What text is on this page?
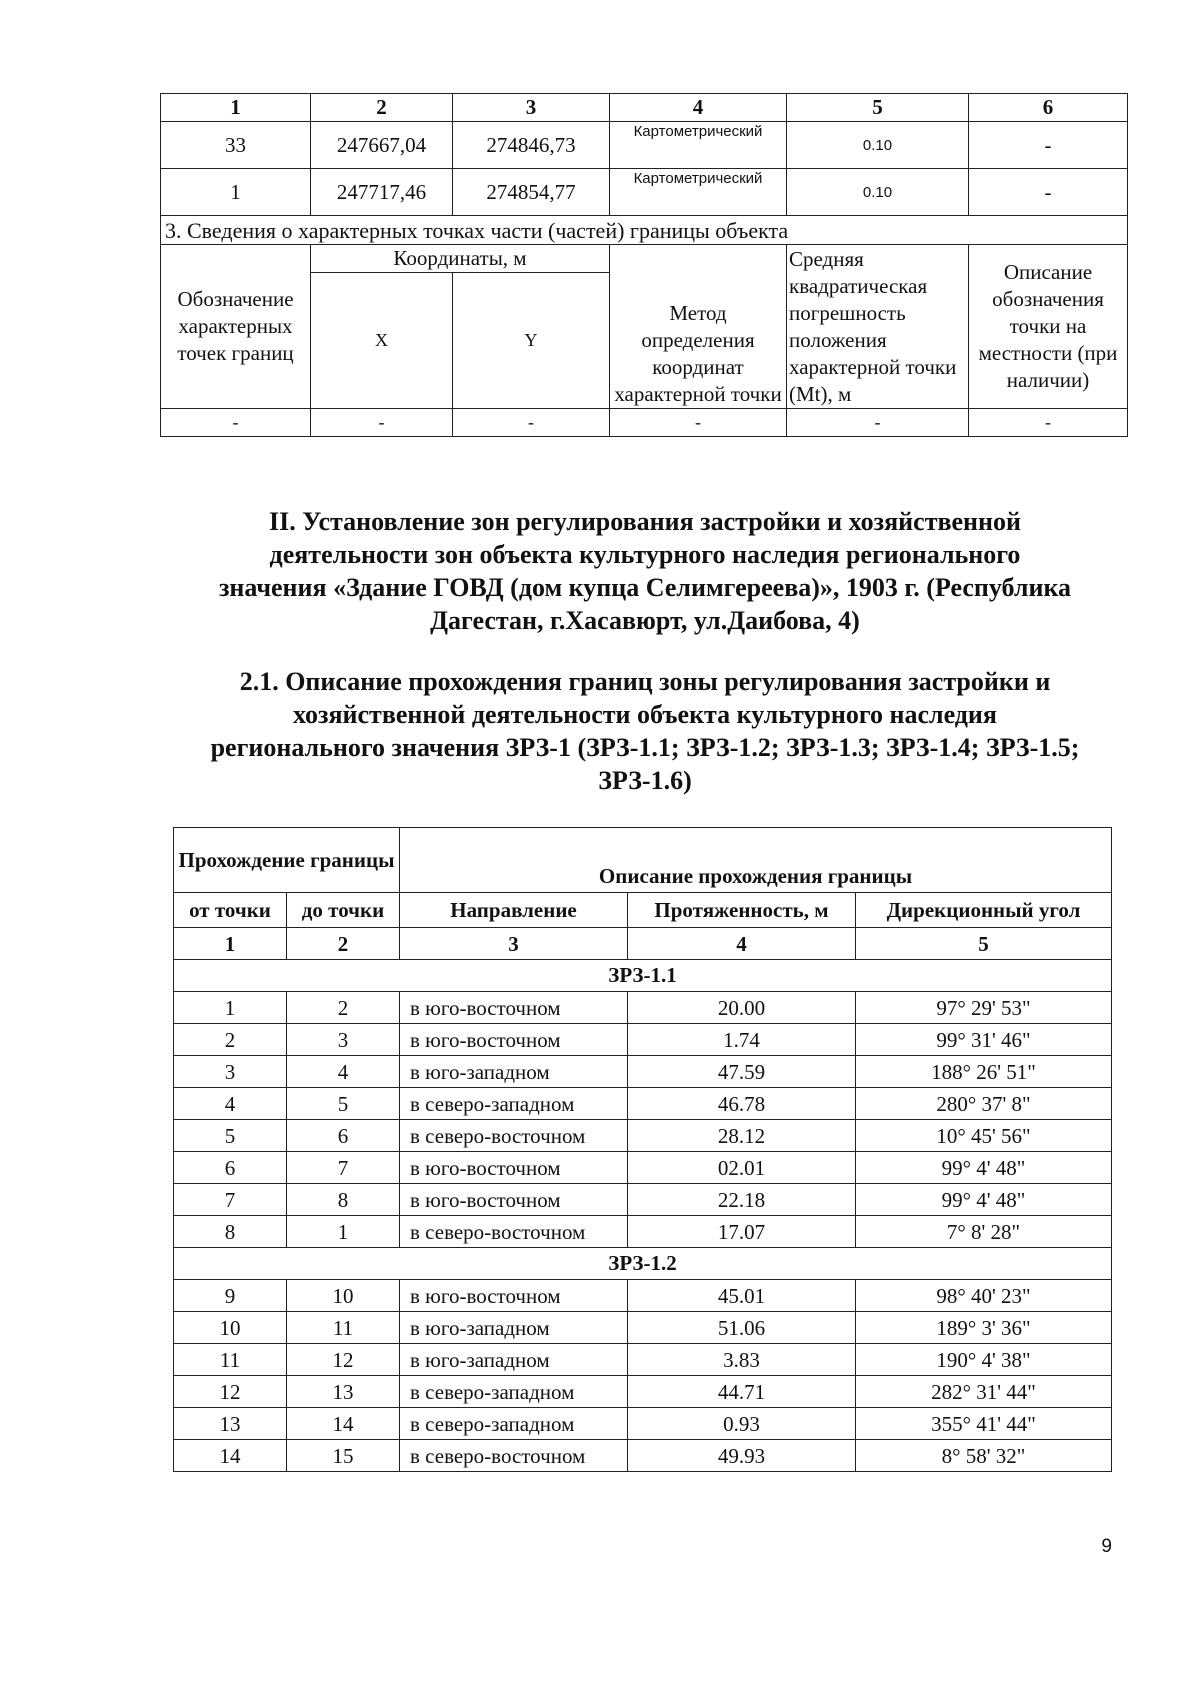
1	2	3	4	5	6
33	247667,04	274846,73	Картометрический	0.10	-
1	247717,46	274854,77	Картометрический	0.10	-
3. Сведения о характерных точках части (частей) границы объекта					
Обозначение характерных точек границ	Координаты, м		Метод определения координат характерной точки	Средняя квадратическая погрешность положения характерной точки (Mt), м	Описание обозначения точки на местности (при наличии)
	X	Y			
-	-	-	-	-	-
II. Установление зон регулирования застройки и хозяйственной
деятельности зон объекта культурного наследия регионального
значения «Здание ГОВД (дом купца Селимгереева)», 1903 г. (Республика
Дагестан, г.Хасавюрт, ул.Даибова, 4)
2.1. Описание прохождения границ зоны регулирования застройки и
хозяйственной деятельности объекта культурного наследия
регионального значения ЗРЗ-1 (ЗРЗ-1.1; ЗРЗ-1.2; ЗРЗ-1.3; ЗРЗ-1.4; ЗРЗ-1.5;
ЗРЗ-1.6)
Прохождение границы		Описание прохождения границы		
от точки	до точки			
		Направление	Протяженность, м	Дирекционный угол
1	2	3	4	5
ЗРЗ-1.1				
1	2	в юго-восточном	20.00	97° 29' 53"
2	3	в юго-восточном	1.74	99° 31' 46"
3	4	в юго-западном	47.59	188° 26' 51"
4	5	в северо-западном	46.78	280° 37' 8"
5	6	в северо-восточном	28.12	10° 45' 56"
6	7	в юго-восточном	02.01	99° 4' 48"
7	8	в юго-восточном	22.18	99° 4' 48"
8	1	в северо-восточном	17.07	7° 8' 28"
ЗРЗ-1.2				
9	10	в юго-восточном	45.01	98° 40' 23"
10	11	в юго-западном	51.06	189° 3' 36"
11	12	в юго-западном	3.83	190° 4' 38"
12	13	в северо-западном	44.71	282° 31' 44"
13	14	в северо-западном	0.93	355° 41' 44"
14	15	в северо-восточном	49.93	8° 58' 32"
9
